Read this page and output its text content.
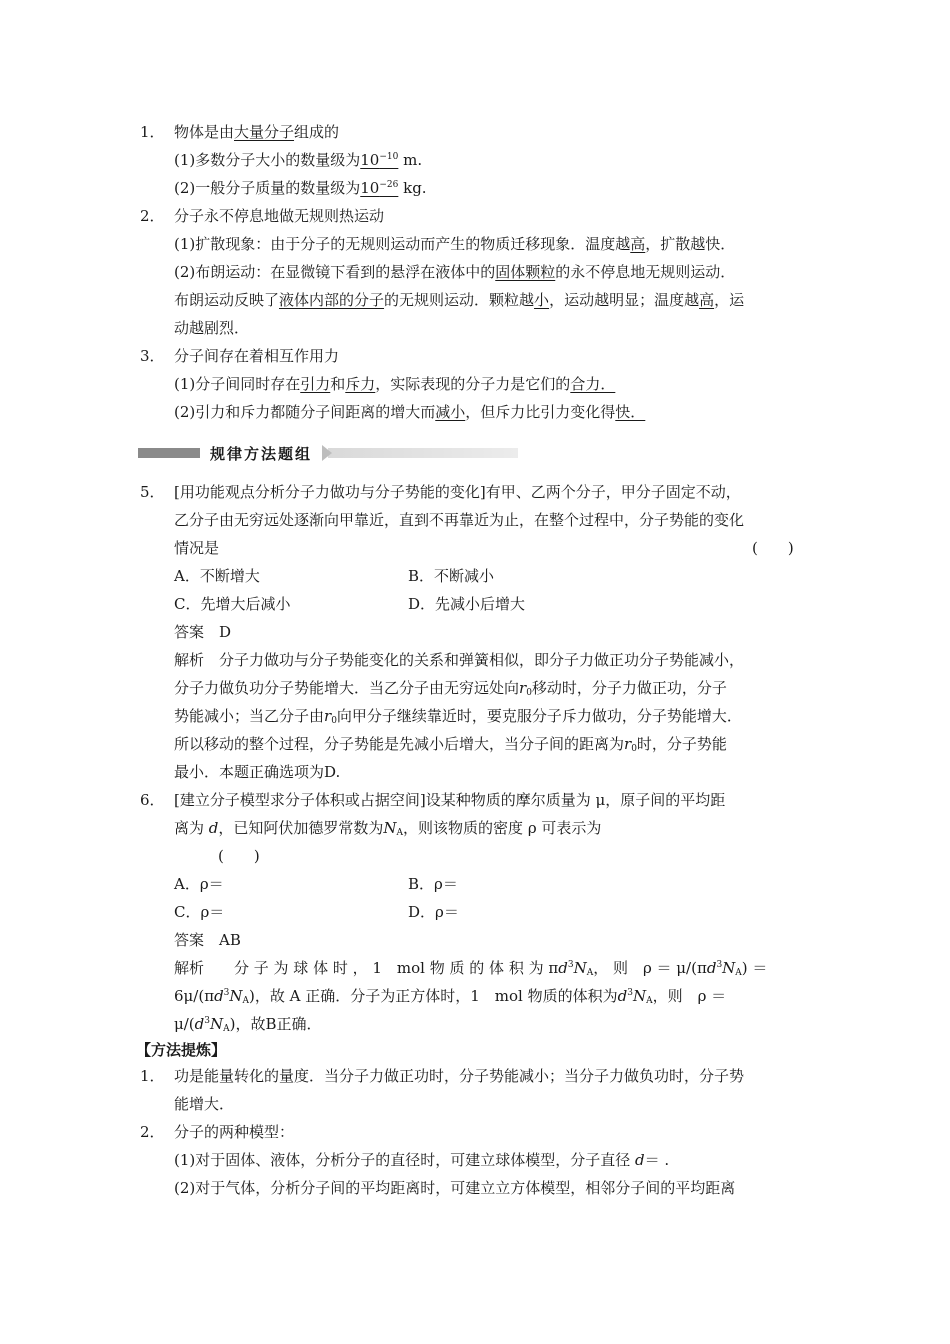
1． 物体是由大量分子组成的
(1)多数分子大小的数量级为$10^{-10}$ m.
(2)一般分子质量的数量级为$10^{-26}$ kg.
2． 分子永不停息地做无规则热运动
(1)扩散现象：由于分子的无规则运动而产生的物质迁移现象．温度越高，扩散越快．
(2)布朗运动：在显微镜下看到的悬浮在液体中的固体颗粒的永不停息地无规则运动．
布朗运动反映了液体内部的分子的无规则运动．颗粒越小，运动越明显；温度越高，运
动越剧烈．
3． 分子间存在着相互作用力
(1)分子间同时存在引力和斥力，实际表现的分子力是它们的合力．
(2)引力和斥力都随分子间距离的增大而减小，但斥力比引力变化得快．
规律方法题组
5． [用功能观点分析分子力做功与分子势能的变化]有甲、乙两个分子，甲分子固定不动，
乙分子由无穷远处逐渐向甲靠近，直到不再靠近为止，在整个过程中，分子势能的变化
情况是	(　　)
A．不断增大	B．不断减小
C．先增大后减小	D．先减小后增大
答案　D
解析　分子力做功与分子势能变化的关系和弹簧相似，即分子力做正功分子势能减小，
分子力做负功分子势能增大．当乙分子由无穷远处向$r_0$移动时，分子力做正功，分子
势能减小；当乙分子由$r_0$向甲分子继续靠近时，要克服分子斥力做功，分子势能增大．
所以移动的整个过程，分子势能是先减小后增大，当分子间的距离为$r_0$时，分子势能
最小．本题正确选项为D.
6． [建立分子模型求分子体积或占据空间]设某种物质的摩尔质量为 μ，原子间的平均距
离为 d，已知阿伏加德罗常数为$N_A$，则该物质的密度 ρ 可表示为
(　　)
A．ρ＝	B．ρ＝
C．ρ＝	D．ρ＝
答案　AB
解析　　分 子 为 球 体 时 ， 1　mol 物 质 的 体 积 为 $\pi d^3N_A$， 则　$\rho = \mu/(\pi d^3N_A)$ ＝
$6\mu/(\pi d^3N_A)$，故 A 正确．分子为正方体时，1　mol 物质的体积为$d^3N_A$，则　ρ ＝
$\mu/(d^3N_A)$，故B正确．
【方法提炼】
1． 功是能量转化的量度．当分子力做正功时，分子势能减小；当分子力做负功时，分子势
能增大．
2． 分子的两种模型：
(1)对于固体、液体，分析分子的直径时，可建立球体模型，分子直径 d＝ .
(2)对于气体，分析分子间的平均距离时，可建立立方体模型，相邻分子间的平均距离
